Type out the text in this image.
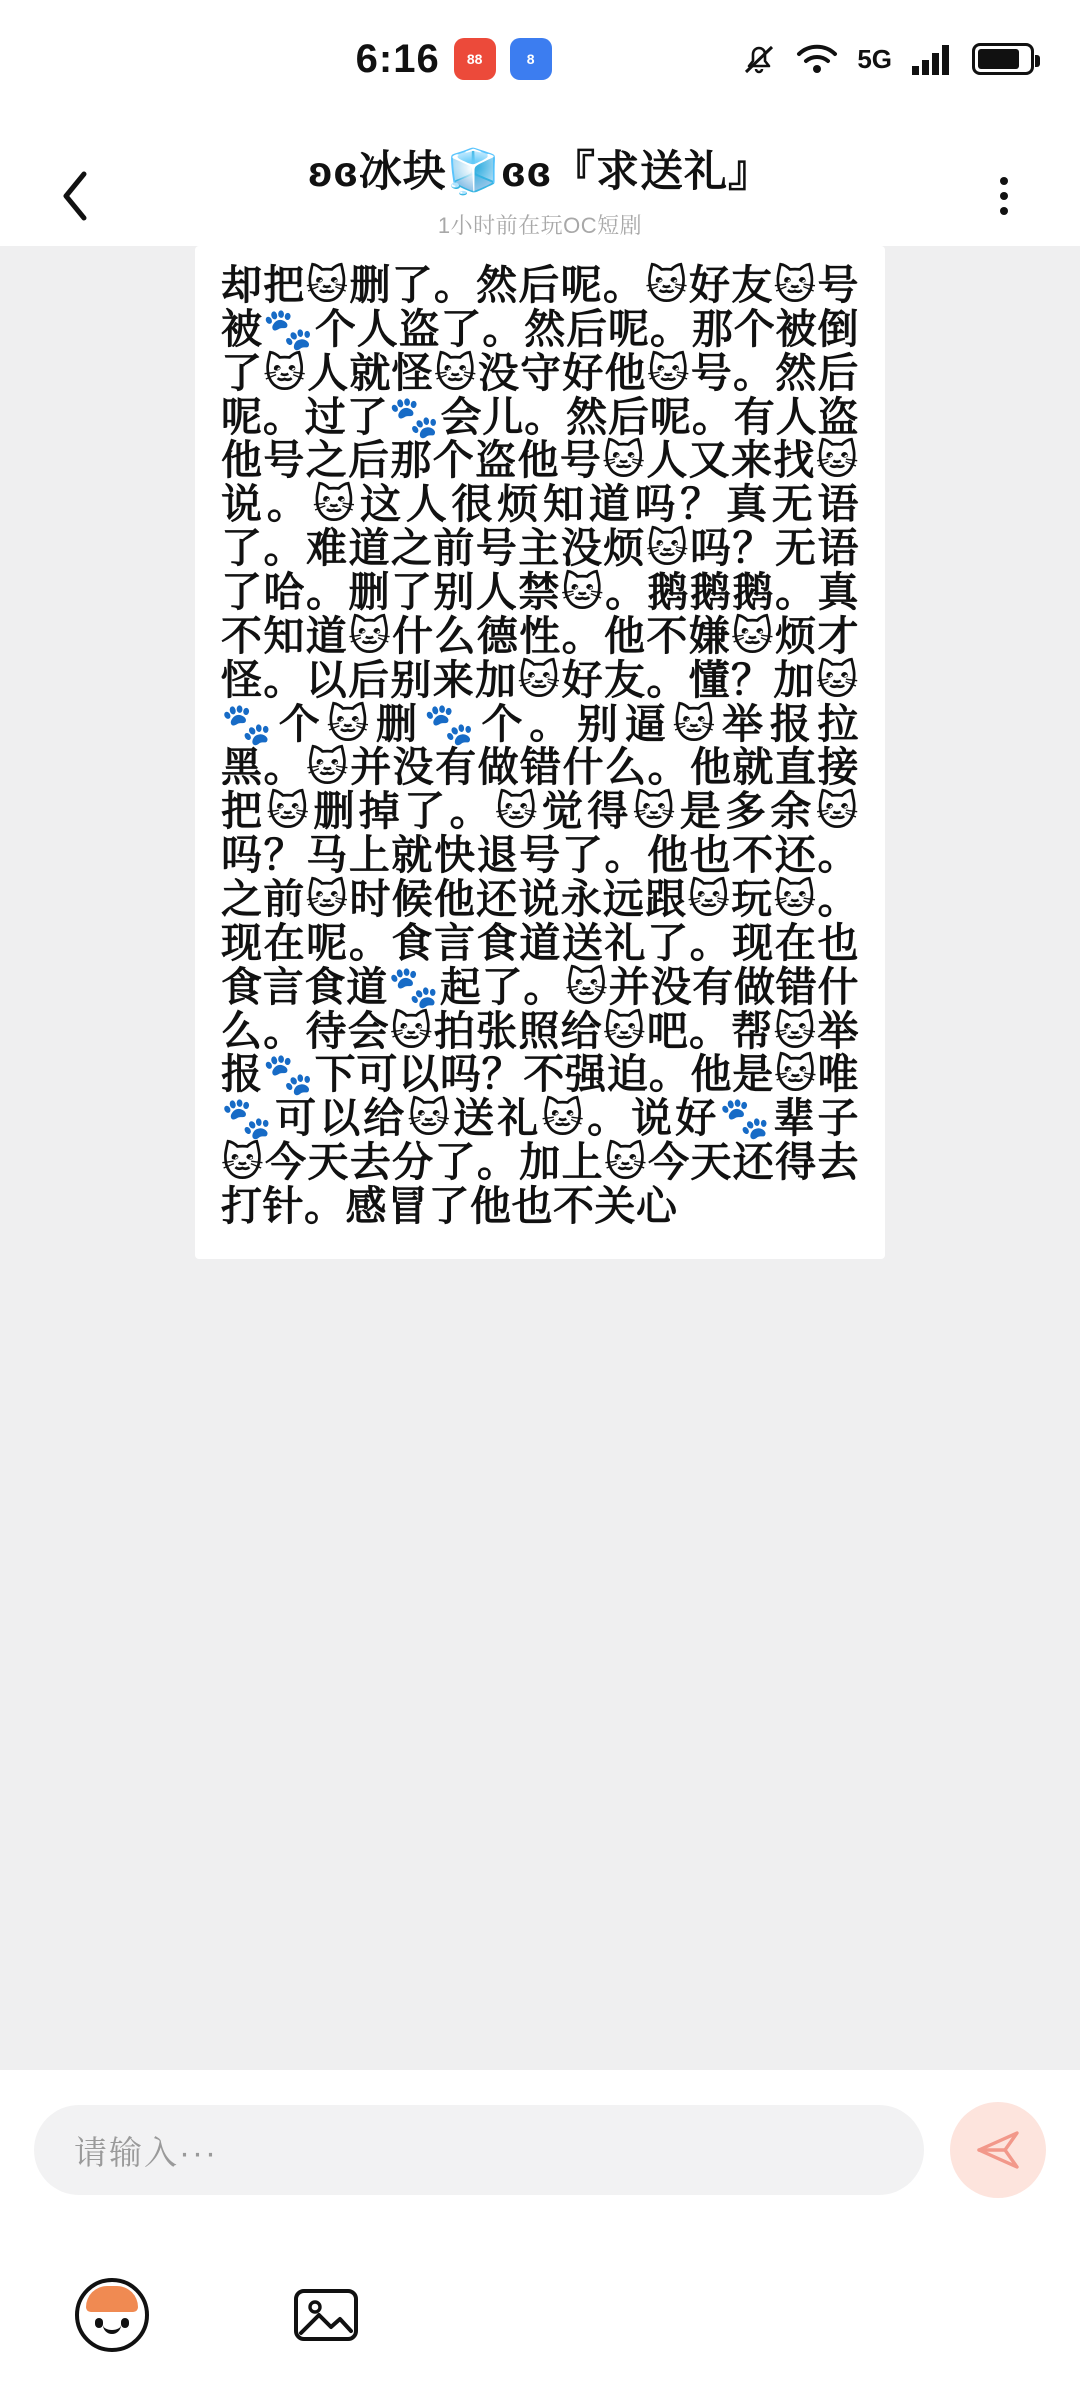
6:16	88	8	5G
ʚɞ冰块🧊ɞɞ『求送礼』
1小时前在玩OC短剧
却把🐱删了。然后呢。🐱好友🐱号被🐾个人盗了。然后呢。那个被倒了🐱人就怪🐱没守好他🐱号。然后呢。过了🐾会儿。然后呢。有人盗他号之后那个盗他号🐱人又来找🐱说。🐱这人很烦知道吗？真无语了。难道之前号主没烦🐱吗？无语了哈。删了别人禁🐱。鹅鹅鹅。真不知道🐱什么德性。他不嫌🐱烦才怪。以后别来加🐱好友。懂？加🐱🐾个🐱删🐾个。别逼🐱举报拉黑。🐱并没有做错什么。他就直接把🐱删掉了。🐱觉得🐱是多余🐱吗？马上就快退号了。他也不还。之前🐱时候他还说永远跟🐱玩🐱。现在呢。食言食道送礼了。现在也食言食道🐾起了。🐱并没有做错什么。待会🐱拍张照给🐱吧。帮🐱举报🐾下可以吗？不强迫。他是🐱唯🐾可以给🐱送礼🐱。说好🐾辈子🐱今天去分了。加上🐱今天还得去打针。感冒了他也不关心
请输入···
